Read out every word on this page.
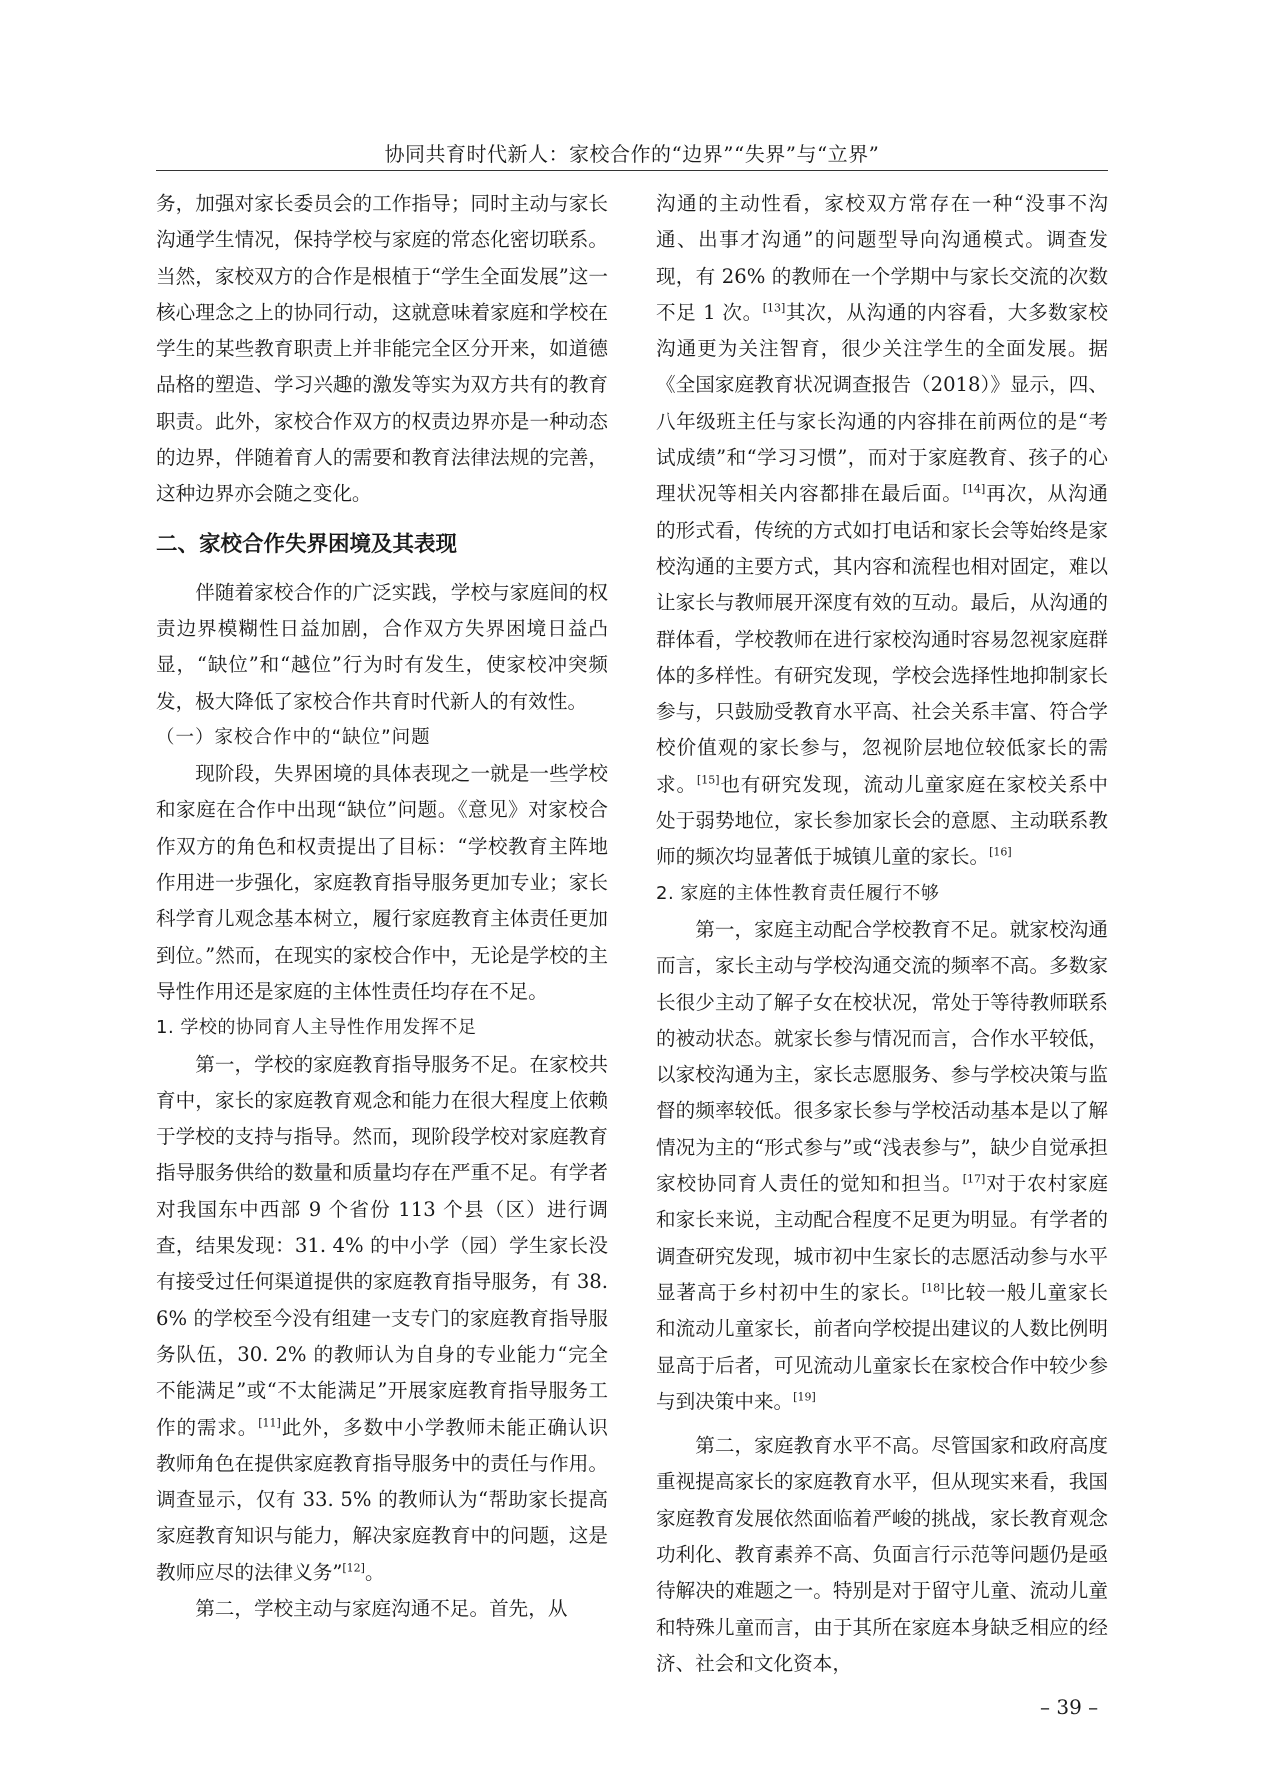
协同共育时代新人：家校合作的“边界”“失界”与“立界”

务，加强对家长委员会的工作指导；同时主动与家长沟通学生情况，保持学校与家庭的常态化密切联系。当然，家校双方的合作是根植于“学生全面发展”这一核心理念之上的协同行动，这就意味着家庭和学校在学生的某些教育职责上并非能完全区分开来，如道德品格的塑造、学习兴趣的激发等实为双方共有的教育职责。此外，家校合作双方的权责边界亦是一种动态的边界，伴随着育人的需要和教育法律法规的完善，这种边界亦会随之变化。

二、家校合作失界困境及其表现

伴随着家校合作的广泛实践，学校与家庭间的权责边界模糊性日益加剧，合作双方失界困境日益凸显，“缺位”和“越位”行为时有发生，使家校冲突频发，极大降低了家校合作共育时代新人的有效性。

（一）家校合作中的“缺位”问题

现阶段，失界困境的具体表现之一就是一些学校和家庭在合作中出现“缺位”问题。《意见》对家校合作双方的角色和权责提出了目标：“学校教育主阵地作用进一步强化，家庭教育指导服务更加专业；家长科学育儿观念基本树立，履行家庭教育主体责任更加到位。”然而，在现实的家校合作中，无论是学校的主导性作用还是家庭的主体性责任均存在不足。

1. 学校的协同育人主导性作用发挥不足

第一，学校的家庭教育指导服务不足。在家校共育中，家长的家庭教育观念和能力在很大程度上依赖于学校的支持与指导。然而，现阶段学校对家庭教育指导服务供给的数量和质量均存在严重不足。有学者对我国东中西部 9 个省份 113 个县（区）进行调查，结果发现：31. 4% 的中小学（园）学生家长没有接受过任何渠道提供的家庭教育指导服务，有 38. 6% 的学校至今没有组建一支专门的家庭教育指导服务队伍，30. 2% 的教师认为自身的专业能力“完全不能满足”或“不太能满足”开展家庭教育指导服务工作的需求。[11]此外，多数中小学教师未能正确认识教师角色在提供家庭教育指导服务中的责任与作用。调查显示，仅有 33. 5% 的教师认为“帮助家长提高家庭教育知识与能力，解决家庭教育中的问题，这是教师应尽的法律义务”[12]。

第二，学校主动与家庭沟通不足。首先，从

沟通的主动性看，家校双方常存在一种“没事不沟通、出事才沟通”的问题型导向沟通模式。调查发现，有 26% 的教师在一个学期中与家长交流的次数不足 1 次。[13]其次，从沟通的内容看，大多数家校沟通更为关注智育，很少关注学生的全面发展。据《全国家庭教育状况调查报告（2018）》显示，四、八年级班主任与家长沟通的内容排在前两位的是“考试成绩”和“学习习惯”，而对于家庭教育、孩子的心理状况等相关内容都排在最后面。[14]再次，从沟通的形式看，传统的方式如打电话和家长会等始终是家校沟通的主要方式，其内容和流程也相对固定，难以让家长与教师展开深度有效的互动。最后，从沟通的群体看，学校教师在进行家校沟通时容易忽视家庭群体的多样性。有研究发现，学校会选择性地抑制家长参与，只鼓励受教育水平高、社会关系丰富、符合学校价值观的家长参与，忽视阶层地位较低家长的需求。[15]也有研究发现，流动儿童家庭在家校关系中处于弱势地位，家长参加家长会的意愿、主动联系教师的频次均显著低于城镇儿童的家长。[16]

2. 家庭的主体性教育责任履行不够

第一，家庭主动配合学校教育不足。就家校沟通而言，家长主动与学校沟通交流的频率不高。多数家长很少主动了解子女在校状况，常处于等待教师联系的被动状态。就家长参与情况而言，合作水平较低，以家校沟通为主，家长志愿服务、参与学校决策与监督的频率较低。很多家长参与学校活动基本是以了解情况为主的“形式参与”或“浅表参与”，缺少自觉承担家校协同育人责任的觉知和担当。[17]对于农村家庭和家长来说，主动配合程度不足更为明显。有学者的调查研究发现，城市初中生家长的志愿活动参与水平显著高于乡村初中生的家长。[18]比较一般儿童家长和流动儿童家长，前者向学校提出建议的人数比例明显高于后者，可见流动儿童家长在家校合作中较少参与到决策中来。[19]

第二，家庭教育水平不高。尽管国家和政府高度重视提高家长的家庭教育水平，但从现实来看，我国家庭教育发展依然面临着严峻的挑战，家长教育观念功利化、教育素养不高、负面言行示范等问题仍是亟待解决的难题之一。特别是对于留守儿童、流动儿童和特殊儿童而言，由于其所在家庭本身缺乏相应的经济、社会和文化资本，

– 39 –
